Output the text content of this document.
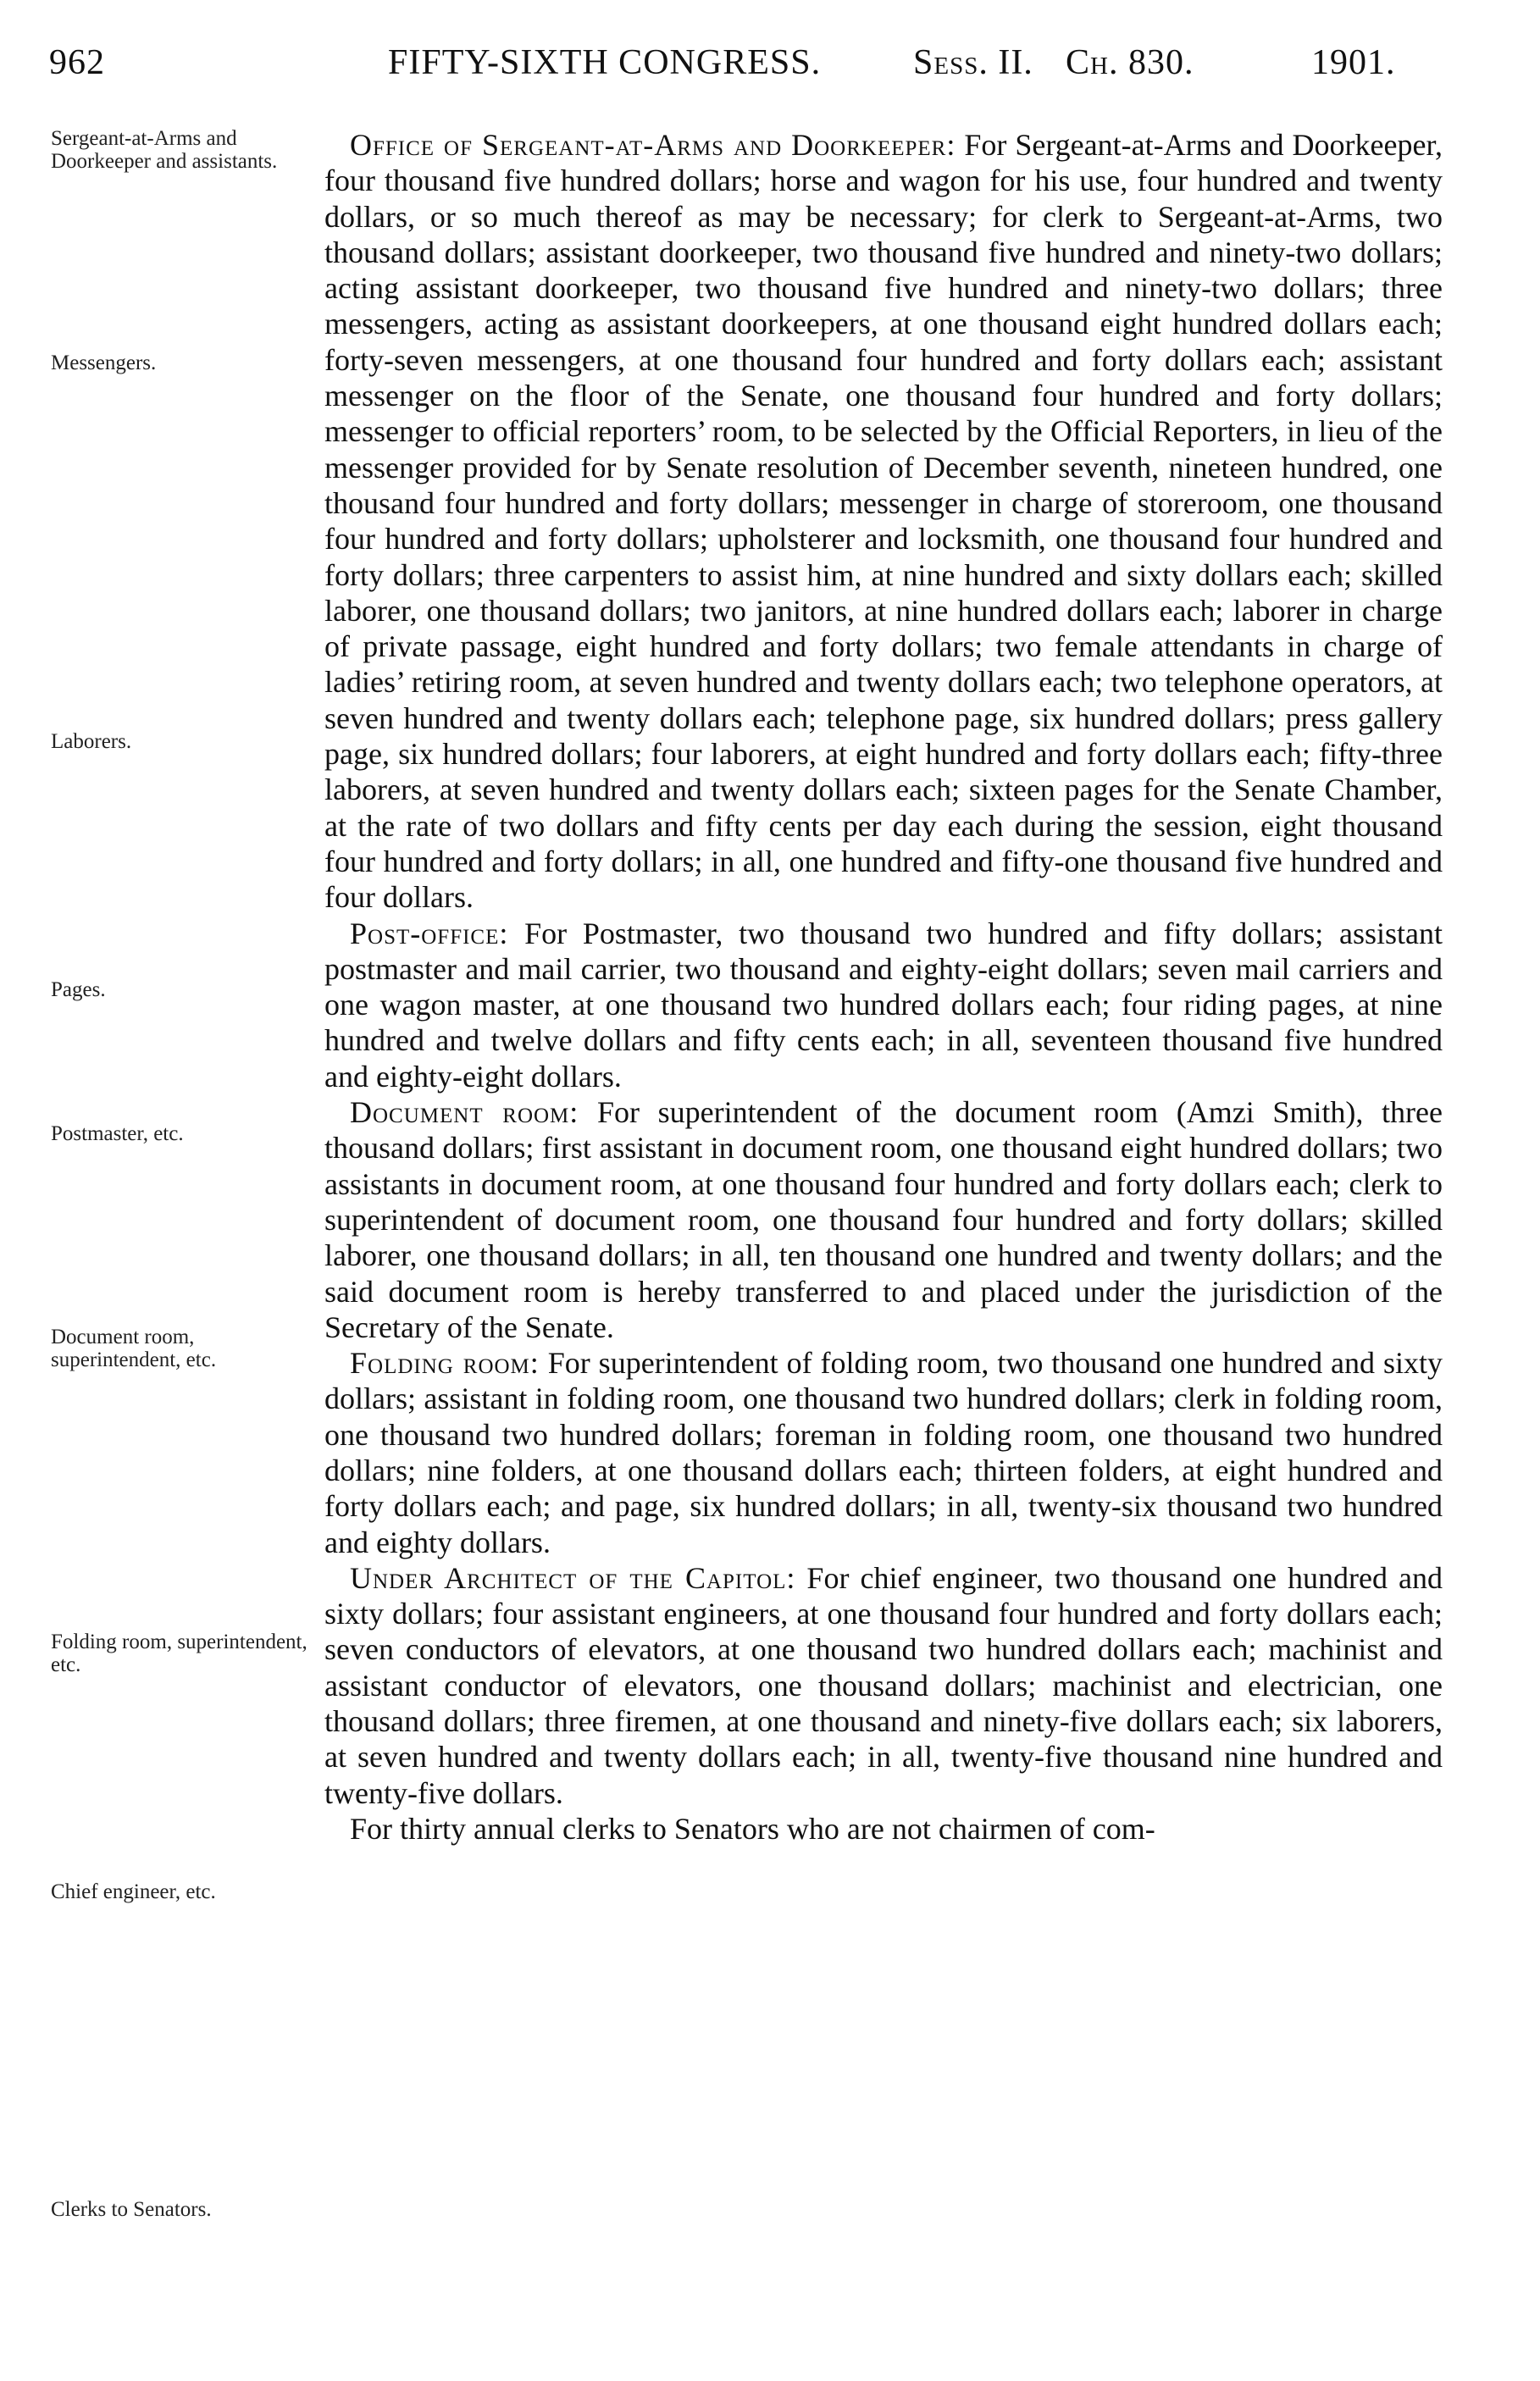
962	FIFTY-SIXTH CONGRESS.	Sess. II. Ch. 830.	1901.
Sergeant-at-Arms and Doorkeeper and assistants.
Messengers.
Laborers.
Pages.
Postmaster, etc.
Document room, superintendent, etc.
Folding room, superintendent, etc.
Chief engineer, etc.
Clerks to Senators.

Office of Sergeant-at-Arms and Doorkeeper: For Sergeant-at-Arms and Doorkeeper, four thousand five hundred dollars; horse and wagon for his use, four hundred and twenty dollars, or so much thereof as may be necessary; for clerk to Sergeant-at-Arms, two thousand dollars; assistant doorkeeper, two thousand five hundred and ninety-two dollars; acting assistant doorkeeper, two thousand five hundred and ninety-two dollars; three messengers, acting as assistant doorkeepers, at one thousand eight hundred dollars each; forty-seven messengers, at one thousand four hundred and forty dollars each; assistant messenger on the floor of the Senate, one thousand four hundred and forty dollars; messenger to official reporters’ room, to be selected by the Official Reporters, in lieu of the messenger provided for by Senate resolution of December seventh, nineteen hundred, one thousand four hundred and forty dollars; messenger in charge of storeroom, one thousand four hundred and forty dollars; upholsterer and locksmith, one thousand four hundred and forty dollars; three carpenters to assist him, at nine hundred and sixty dollars each; skilled laborer, one thousand dollars; two janitors, at nine hundred dollars each; laborer in charge of private passage, eight hundred and forty dollars; two female attendants in charge of ladies’ retiring room, at seven hundred and twenty dollars each; two telephone operators, at seven hundred and twenty dollars each; telephone page, six hundred dollars; press gallery page, six hundred dollars; four laborers, at eight hundred and forty dollars each; fifty-three laborers, at seven hundred and twenty dollars each; sixteen pages for the Senate Chamber, at the rate of two dollars and fifty cents per day each during the session, eight thousand four hundred and forty dollars; in all, one hundred and fifty-one thousand five hundred and four dollars.

Post-office: For Postmaster, two thousand two hundred and fifty dollars; assistant postmaster and mail carrier, two thousand and eighty-eight dollars; seven mail carriers and one wagon master, at one thousand two hundred dollars each; four riding pages, at nine hundred and twelve dollars and fifty cents each; in all, seventeen thousand five hundred and eighty-eight dollars.

Document room: For superintendent of the document room (Amzi Smith), three thousand dollars; first assistant in document room, one thousand eight hundred dollars; two assistants in document room, at one thousand four hundred and forty dollars each; clerk to superintendent of document room, one thousand four hundred and forty dollars; skilled laborer, one thousand dollars; in all, ten thousand one hundred and twenty dollars; and the said document room is hereby transferred to and placed under the jurisdiction of the Secretary of the Senate.

Folding room: For superintendent of folding room, two thousand one hundred and sixty dollars; assistant in folding room, one thousand two hundred dollars; clerk in folding room, one thousand two hundred dollars; foreman in folding room, one thousand two hundred dollars; nine folders, at one thousand dollars each; thirteen folders, at eight hundred and forty dollars each; and page, six hundred dollars; in all, twenty-six thousand two hundred and eighty dollars.

Under Architect of the Capitol: For chief engineer, two thousand one hundred and sixty dollars; four assistant engineers, at one thousand four hundred and forty dollars each; seven conductors of elevators, at one thousand two hundred dollars each; machinist and assistant conductor of elevators, one thousand dollars; machinist and electrician, one thousand dollars; three firemen, at one thousand and ninety-five dollars each; six laborers, at seven hundred and twenty dollars each; in all, twenty-five thousand nine hundred and twenty-five dollars.

For thirty annual clerks to Senators who are not chairmen of com-
